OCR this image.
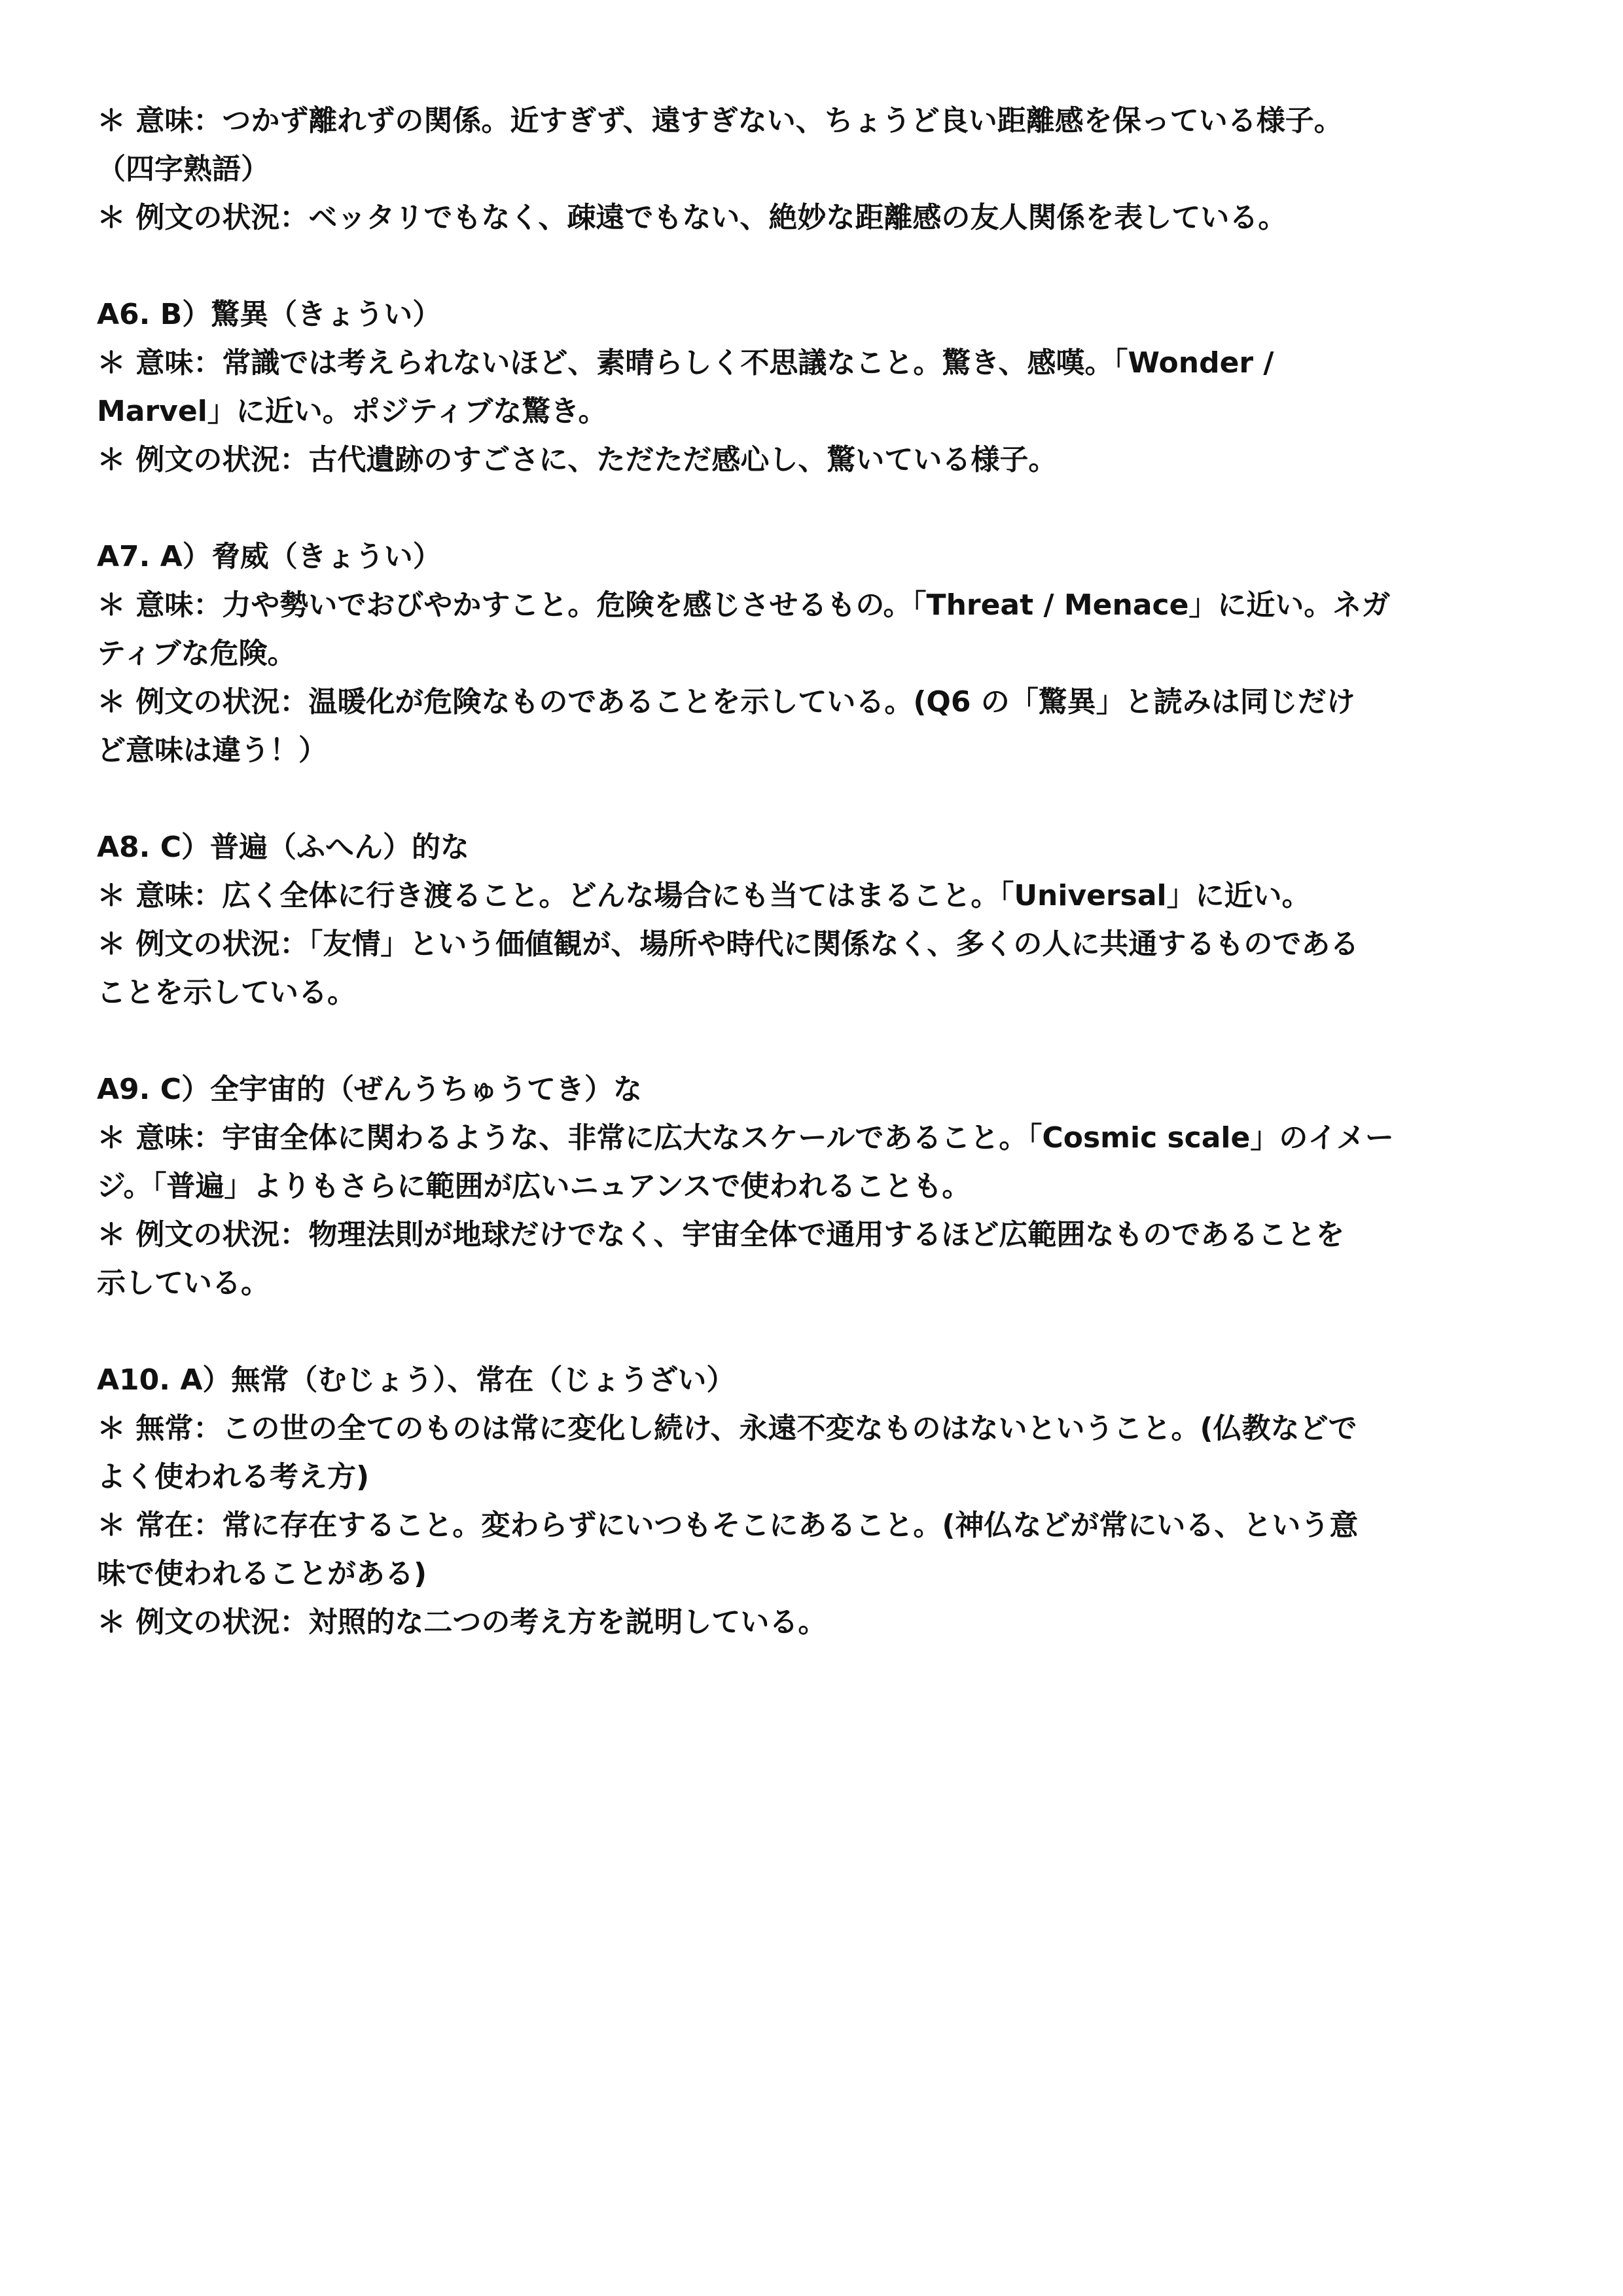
＊ 意味：つかず離れずの関係。近すぎず、遠すぎない、ちょうど良い距離感を保っている様子。
（四字熟語）
＊ 例文の状況：ベッタリでもなく、疎遠でもない、絶妙な距離感の友人関係を表している。
A6. B）驚異（きょうい）
＊ 意味：常識では考えられないほど、素晴らしく不思議なこと。驚き、感嘆。「Wonder /
Marvel」に近い。ポジティブな驚き。
＊ 例文の状況：古代遺跡のすごさに、ただただ感心し、驚いている様子。
A7. A）脅威（きょうい）
＊ 意味：力や勢いでおびやかすこと。危険を感じさせるもの。「Threat / Menace」に近い。ネガ
ティブな危険。
＊ 例文の状況：温暖化が危険なものであることを示している。(Q6 の「驚異」と読みは同じだけ
ど意味は違う！）
A8. C）普遍（ふへん）的な
＊ 意味：広く全体に行き渡ること。どんな場合にも当てはまること。「Universal」に近い。
＊ 例文の状況：「友情」という価値観が、場所や時代に関係なく、多くの人に共通するものである
ことを示している。
A9. C）全宇宙的（ぜんうちゅうてき）な
＊ 意味：宇宙全体に関わるような、非常に広大なスケールであること。「Cosmic scale」のイメー
ジ。「普遍」よりもさらに範囲が広いニュアンスで使われることも。
＊ 例文の状況：物理法則が地球だけでなく、宇宙全体で通用するほど広範囲なものであることを
示している。
A10. A）無常（むじょう）、常在（じょうざい）
＊ 無常：この世の全てのものは常に変化し続け、永遠不変なものはないということ。(仏教などで
よく使われる考え方)
＊ 常在：常に存在すること。変わらずにいつもそこにあること。(神仏などが常にいる、という意
味で使われることがある)
＊ 例文の状況：対照的な二つの考え方を説明している。
